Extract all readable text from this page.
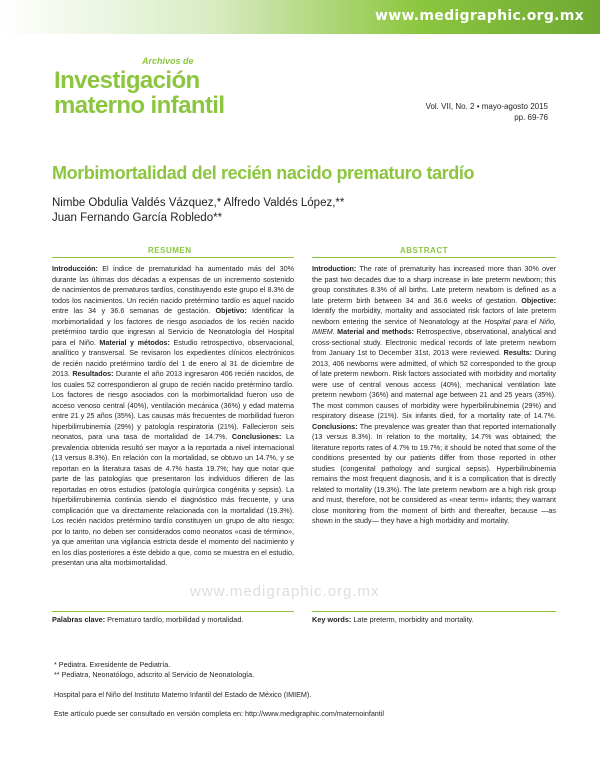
www.medigraphic.org.mx
Archivos de
Investigación
materno infantil	Vol. VII, No. 2 • mayo-agosto 2015
pp. 69-76
Morbimortalidad del recién nacido prematuro tardío
Nimbe Obdulia Valdés Vázquez,* Alfredo Valdés López,**
Juan Fernando García Robledo**
RESUMEN	ABSTRACT
Introducción: El índice de prematuridad ha aumentado más del 30% durante las últimas dos décadas a expensas de un incremento sostenido de nacimientos de prematuros tardíos, constituyendo este grupo el 8.3% de todos los nacimientos. Un recién nacido pretérmino tardío es aquel nacido entre las 34 y 36.6 semanas de gestación. Objetivo: Identificar la morbimortalidad y los factores de riesgo asociados de los recién nacido pretérmino tardío que ingresan al Servicio de Neonatología del Hospital para el Niño. Material y métodos: Estudio retrospectivo, observacional, analítico y transversal. Se revisaron los expedientes clínicos electrónicos de recién nacido pretérmino tardío del 1 de enero al 31 de diciembre de 2013. Resultados: Durante el año 2013 ingresaron 406 recién nacidos, de los cuales 52 correspondieron al grupo de recién nacido pretérmino tardío. Los factores de riesgo asociados con la morbimortalidad fueron uso de acceso venoso central (40%), ventilación mecánica (36%) y edad materna entre 21 y 25 años (35%). Las causas más frecuentes de morbilidad fueron hiperbilirrubinemia (29%) y patología respiratoria (21%). Fallecieron seis neonatos, para una tasa de mortalidad de 14.7%. Conclusiones: La prevalencia obtenida resultó ser mayor a la reportada a nivel internacional (13 versus 8.3%). En relación con la mortalidad, se obtuvo un 14.7%, y se reportan en la literatura tasas de 4.7% hasta 19.7%; hay que notar que parte de las patologías que presentaron los individuos difieren de las reportadas en otros estudios (patología quirúrgica congénita y sepsis). La hiperbilirrubinemia continúa siendo el diagnóstico más frecuente, y una complicación que va directamente relacionada con la mortalidad (19.3%). Los recién nacidos pretérmino tardío constituyen un grupo de alto riesgo; por lo tanto, no deben ser considerados como neonatos «casi de término», ya que ameritan una vigilancia estricta desde el momento del nacimiento y en los días posteriores a éste debido a que, como se muestra en el estudio, presentan una alta morbimortalidad.
Introduction: The rate of prematurity has increased more than 30% over the past two decades due to a sharp increase in late preterm newborn; this group constitutes 8.3% of all births. Late preterm newborn is defined as a late preterm birth between 34 and 36.6 weeks of gestation. Objective: Identify the morbidity, mortality and associated risk factors of late preterm newborn entering the service of Neonatology at the Hospital para el Niño, IMIEM. Material and methods: Retrospective, observational, analytical and cross-sectional study. Electronic medical records of late preterm newborn from January 1st to December 31st, 2013 were reviewed. Results: During 2013, 406 newborns were admitted, of which 52 corresponded to the group of late preterm newborn. Risk factors associated with morbidity and mortality were use of central venous access (40%), mechanical ventilation late preterm newborn (36%) and maternal age between 21 and 25 years (35%). The most common causes of morbidity were hyperbilirubinemia (29%) and respiratory disease (21%). Six infants died, for a mortality rate of 14.7%. Conclusions: The prevalence was greater than that reported internationally (13 versus 8.3%). In relation to the mortality, 14.7% was obtained; the literature reports rates of 4.7% to 19.7%; it should be noted that some of the conditions presented by our patients differ from those reported in other studies (congenital pathology and surgical sepsis). Hyperbilirubinemia remains the most frequent diagnosis, and it is a complication that is directly related to mortality (19.3%). The late preterm newborn are a high risk group and must, therefore, not be considered as «near term» infants; they warrant close monitoring from the moment of birth and thereafter, because —as shown in the study— they have a high morbidity and mortality.
www.medigraphic.org.mx
Palabras clave: Prematuro tardío, morbilidad y mortalidad.	Key words: Late preterm, morbidity and mortality.
* Pediatra. Exresidente de Pediatría.
** Pediatra, Neonatólogo, adscrito al Servicio de Neonatología.
Hospital para el Niño del Instituto Materno Infantil del Estado de México (IMIEM).
Este artículo puede ser consultado en versión completa en: http://www.medigraphic.com/maternoinfantil
